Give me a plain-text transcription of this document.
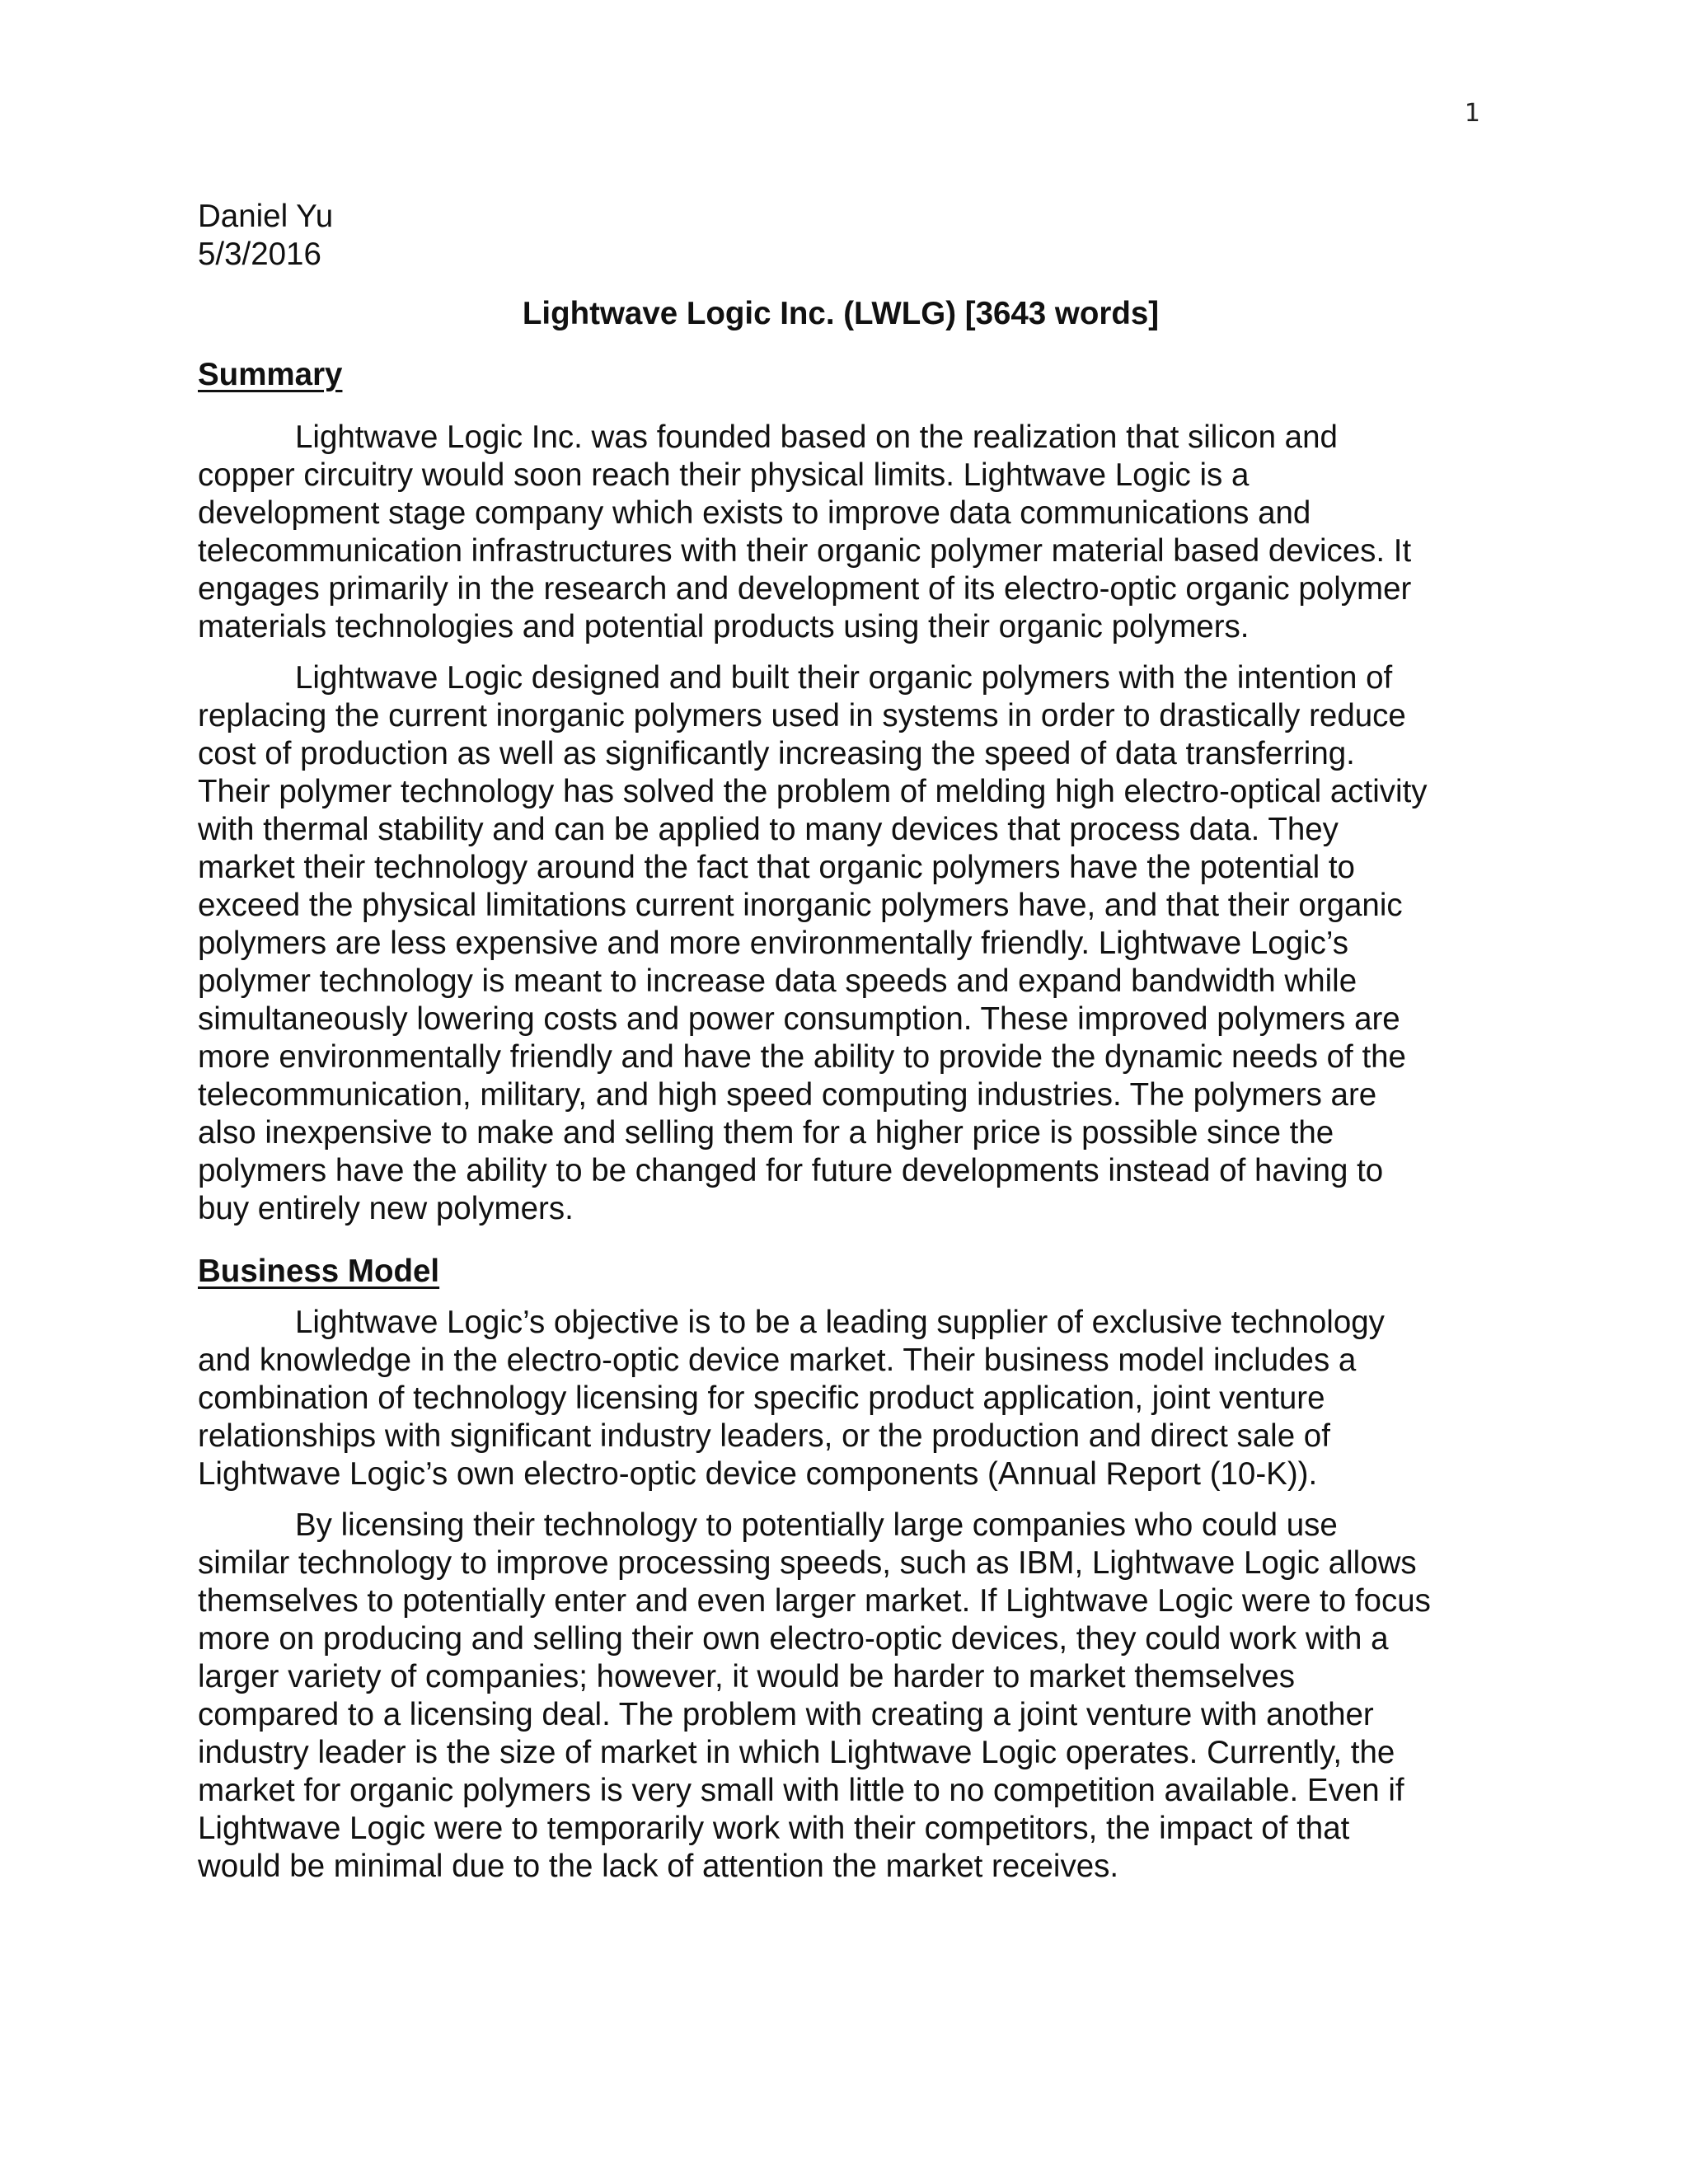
1
Daniel Yu
5/3/2016
Lightwave Logic Inc. (LWLG) [3643 words]
Summary

Lightwave Logic Inc. was founded based on the realization that silicon and
copper circuitry would soon reach their physical limits. Lightwave Logic is a
development stage company which exists to improve data communications and
telecommunication infrastructures with their organic polymer material based devices. It
engages primarily in the research and development of its electro-optic organic polymer
materials technologies and potential products using their organic polymers.

Lightwave Logic designed and built their organic polymers with the intention of
replacing the current inorganic polymers used in systems in order to drastically reduce
cost of production as well as significantly increasing the speed of data transferring.
Their polymer technology has solved the problem of melding high electro-optical activity
with thermal stability and can be applied to many devices that process data. They
market their technology around the fact that organic polymers have the potential to
exceed the physical limitations current inorganic polymers have, and that their organic
polymers are less expensive and more environmentally friendly. Lightwave Logic’s
polymer technology is meant to increase data speeds and expand bandwidth while
simultaneously lowering costs and power consumption. These improved polymers are
more environmentally friendly and have the ability to provide the dynamic needs of the
telecommunication, military, and high speed computing industries. The polymers are
also inexpensive to make and selling them for a higher price is possible since the
polymers have the ability to be changed for future developments instead of having to
buy entirely new polymers.

Business Model

Lightwave Logic’s objective is to be a leading supplier of exclusive technology
and knowledge in the electro-optic device market. Their business model includes a
combination of technology licensing for specific product application, joint venture
relationships with significant industry leaders, or the production and direct sale of
Lightwave Logic’s own electro-optic device components (Annual Report (10-K)).

By licensing their technology to potentially large companies who could use
similar technology to improve processing speeds, such as IBM, Lightwave Logic allows
themselves to potentially enter and even larger market. If Lightwave Logic were to focus
more on producing and selling their own electro-optic devices, they could work with a
larger variety of companies; however, it would be harder to market themselves
compared to a licensing deal. The problem with creating a joint venture with another
industry leader is the size of market in which Lightwave Logic operates. Currently, the
market for organic polymers is very small with little to no competition available. Even if
Lightwave Logic were to temporarily work with their competitors, the impact of that
would be minimal due to the lack of attention the market receives.
